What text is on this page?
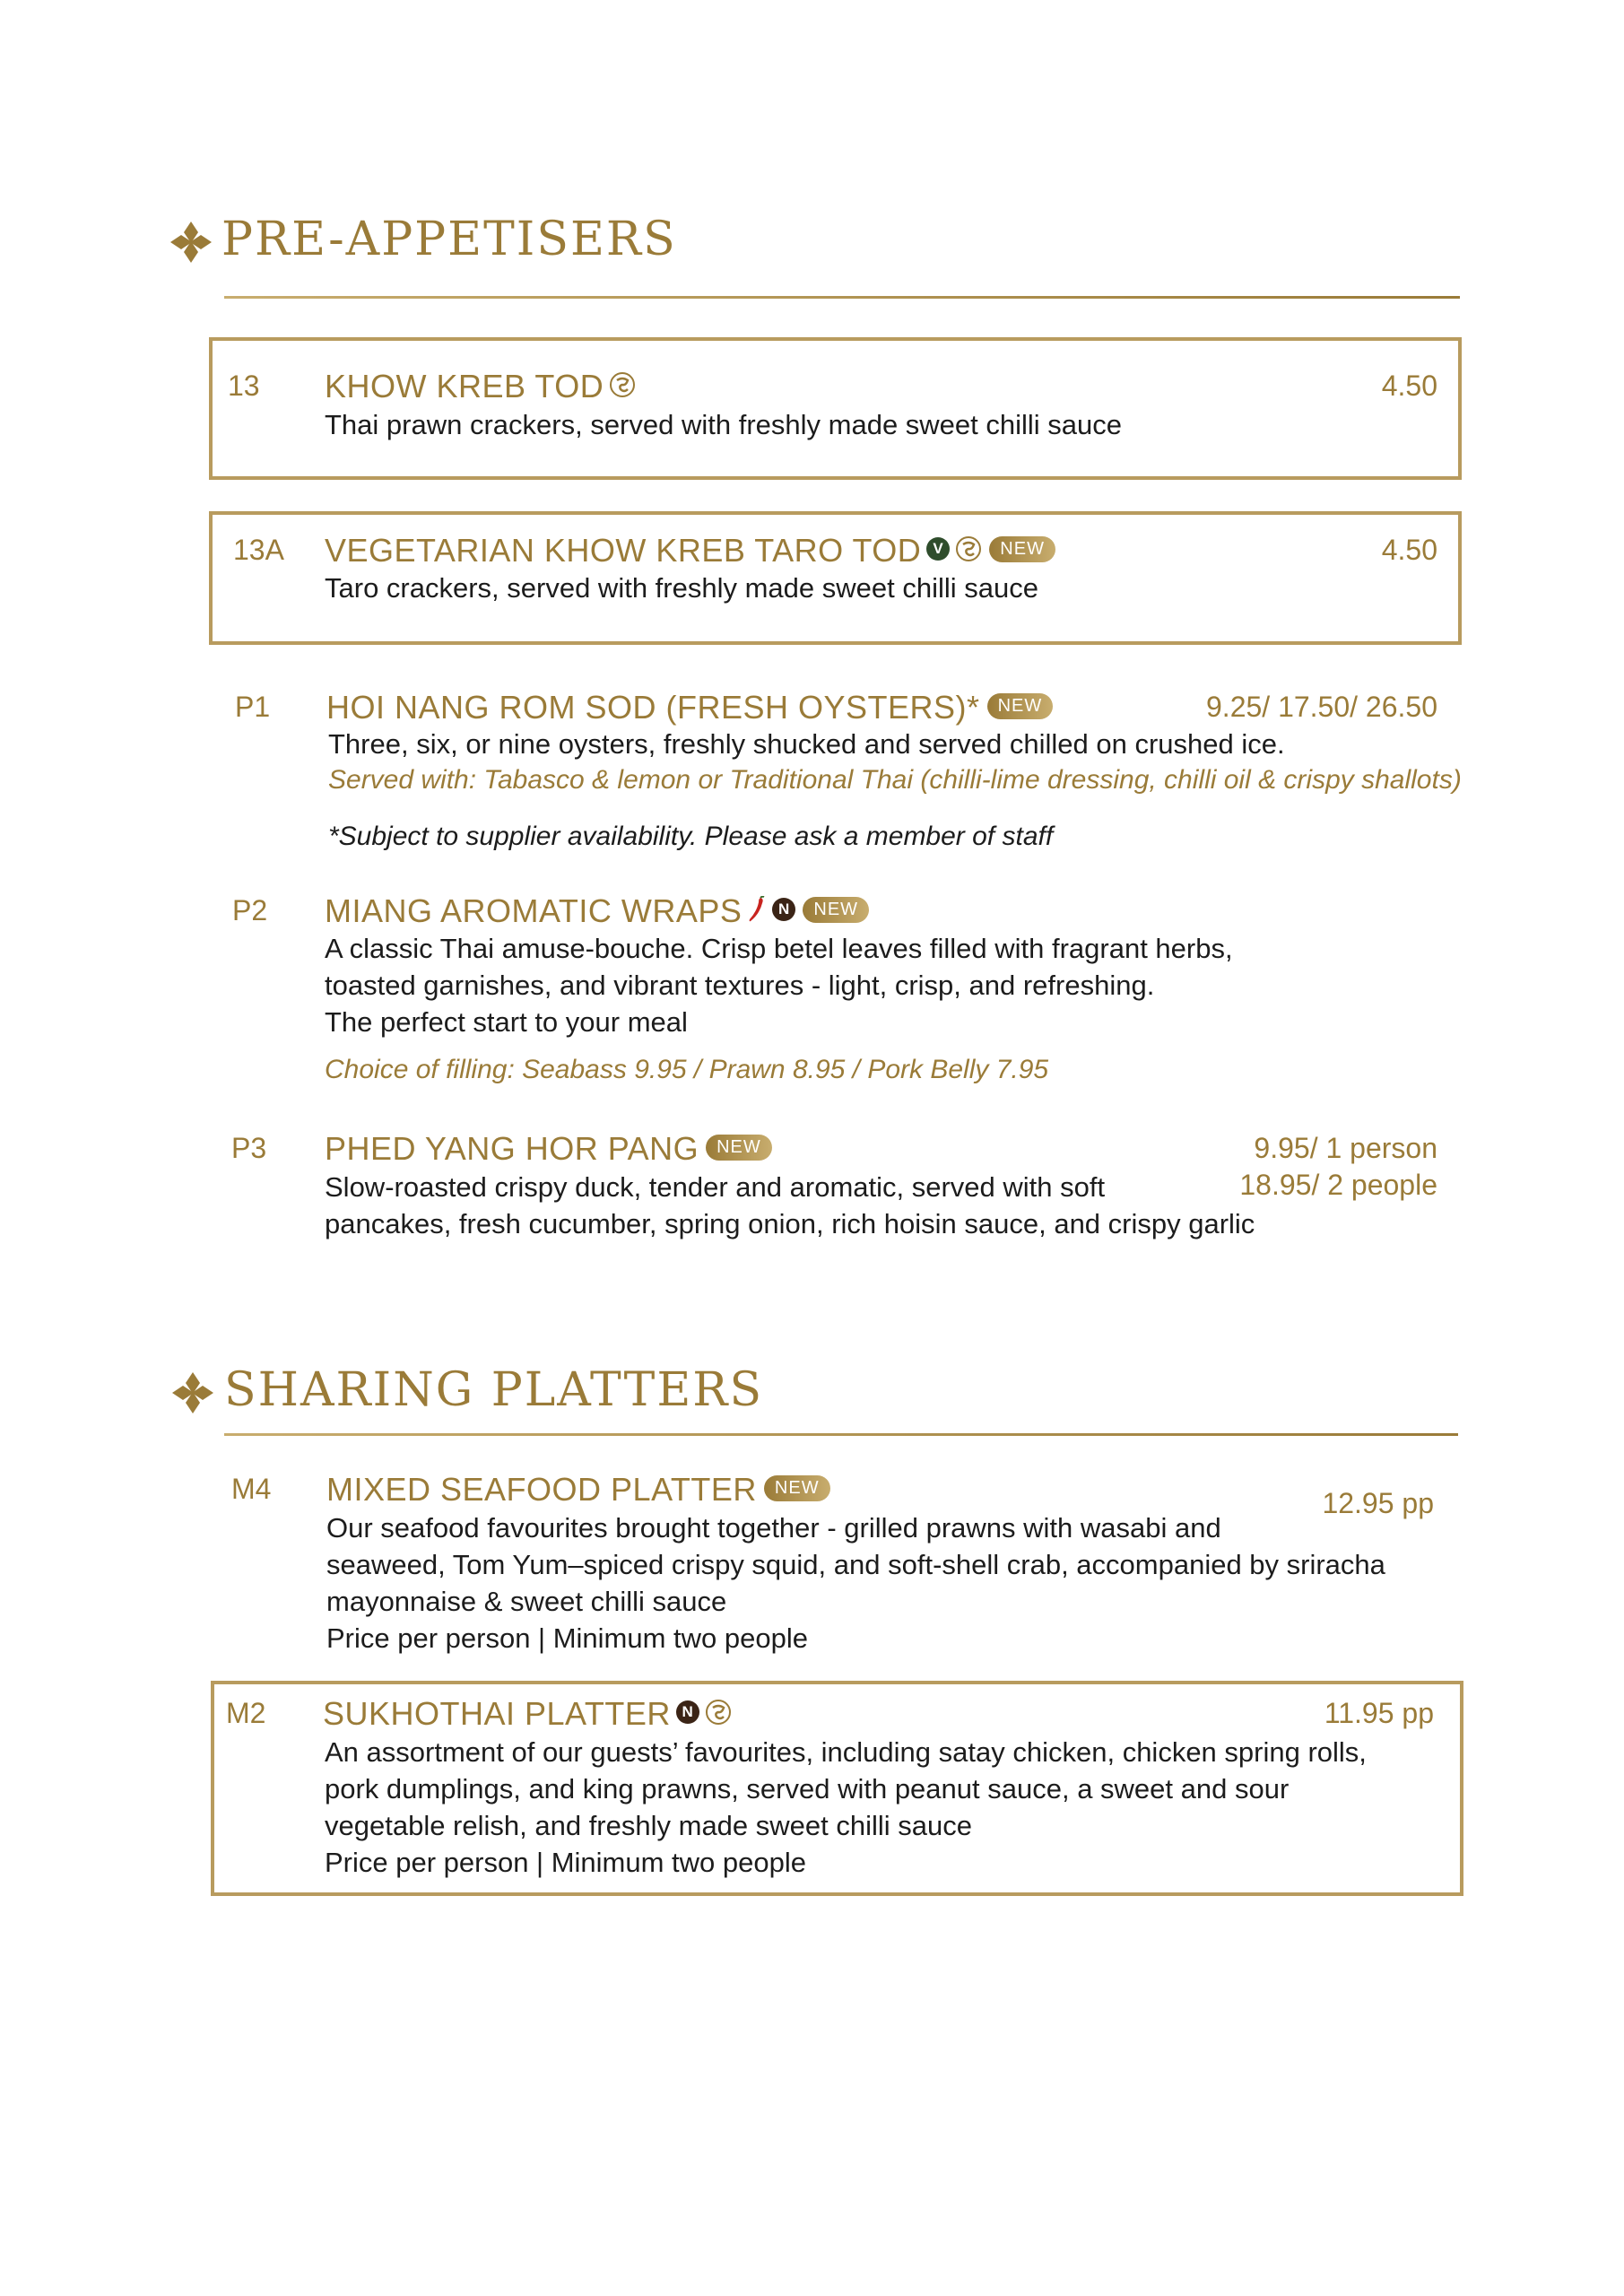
PRE-APPETISERS
13 KHOW KREB TOD	4.50
Thai prawn crackers, served with freshly made sweet chilli sauce
13A VEGETARIAN KHOW KREB TARO TOD V	NEW	4.50
Taro crackers, served with freshly made sweet chilli sauce
P1 HOI NANG ROM SOD (FRESH OYSTERS)* NEW	9.25/ 17.50/ 26.50
Three, six, or nine oysters, freshly shucked and served chilled on crushed ice.
Served with: Tabasco & lemon or Traditional Thai (chilli-lime dressing, chilli oil & crispy shallots)
*Subject to supplier availability. Please ask a member of staff
P2 MIANG AROMATIC WRAPS N NEW
A classic Thai amuse-bouche. Crisp betel leaves filled with fragrant herbs,
toasted garnishes, and vibrant textures - light, crisp, and refreshing.
The perfect start to your meal
Choice of filling: Seabass 9.95 / Prawn 8.95 / Pork Belly 7.95
P3 PHED YANG HOR PANG NEW	9.95/ 1 person
18.95/ 2 people
Slow-roasted crispy duck, tender and aromatic, served with soft
pancakes, fresh cucumber, spring onion, rich hoisin sauce, and crispy garlic
SHARING PLATTERS
M4 MIXED SEAFOOD PLATTER NEW	12.95 pp
Our seafood favourites brought together - grilled prawns with wasabi and
seaweed, Tom Yum–spiced crispy squid, and soft-shell crab, accompanied by sriracha
mayonnaise & sweet chilli sauce
Price per person | Minimum two people
M2 SUKHOTHAI PLATTER N	11.95 pp
An assortment of our guests’ favourites, including satay chicken, chicken spring rolls,
pork dumplings, and king prawns, served with peanut sauce, a sweet and sour
vegetable relish, and freshly made sweet chilli sauce
Price per person | Minimum two people
